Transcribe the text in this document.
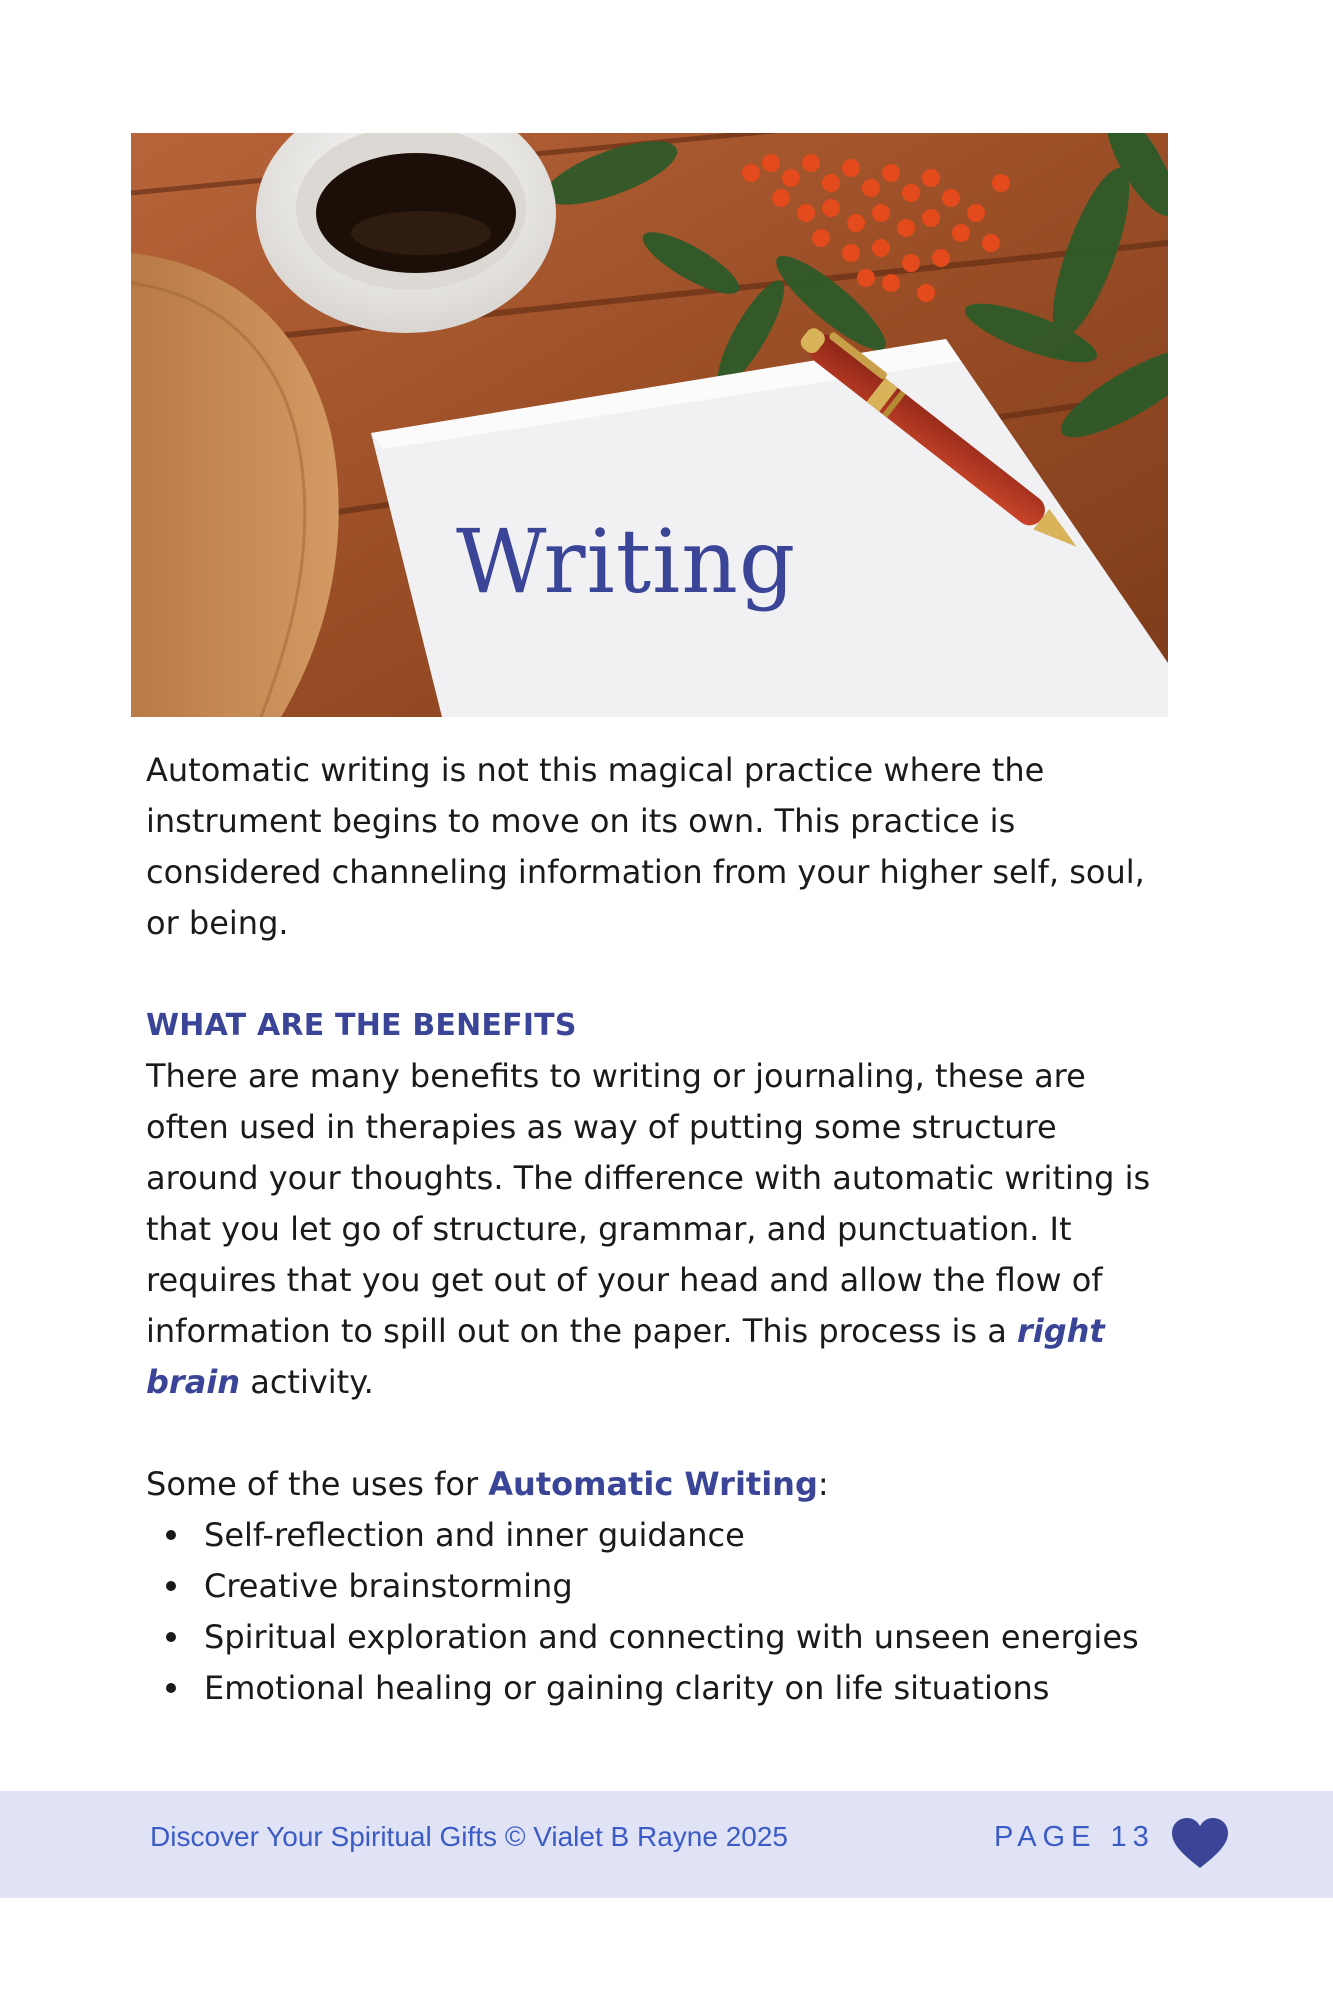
Writing

Automatic writing is not this magical practice where the instrument begins to move on its own. This practice is considered channeling information from your higher self, soul, or being.

WHAT ARE THE BENEFITS

There are many benefits to writing or journaling, these are often used in therapies as way of putting some structure around your thoughts. The difference with automatic writing is that you let go of structure, grammar, and punctuation. It requires that you get out of your head and allow the flow of information to spill out on the paper. This process is a right brain activity.

Some of the uses for Automatic Writing:

Self-reflection and inner guidance
Creative brainstorming
Spiritual exploration and connecting with unseen energies
Emotional healing or gaining clarity on life situations
Discover Your Spiritual Gifts © Vialet B Rayne 2025	PAGE 13
